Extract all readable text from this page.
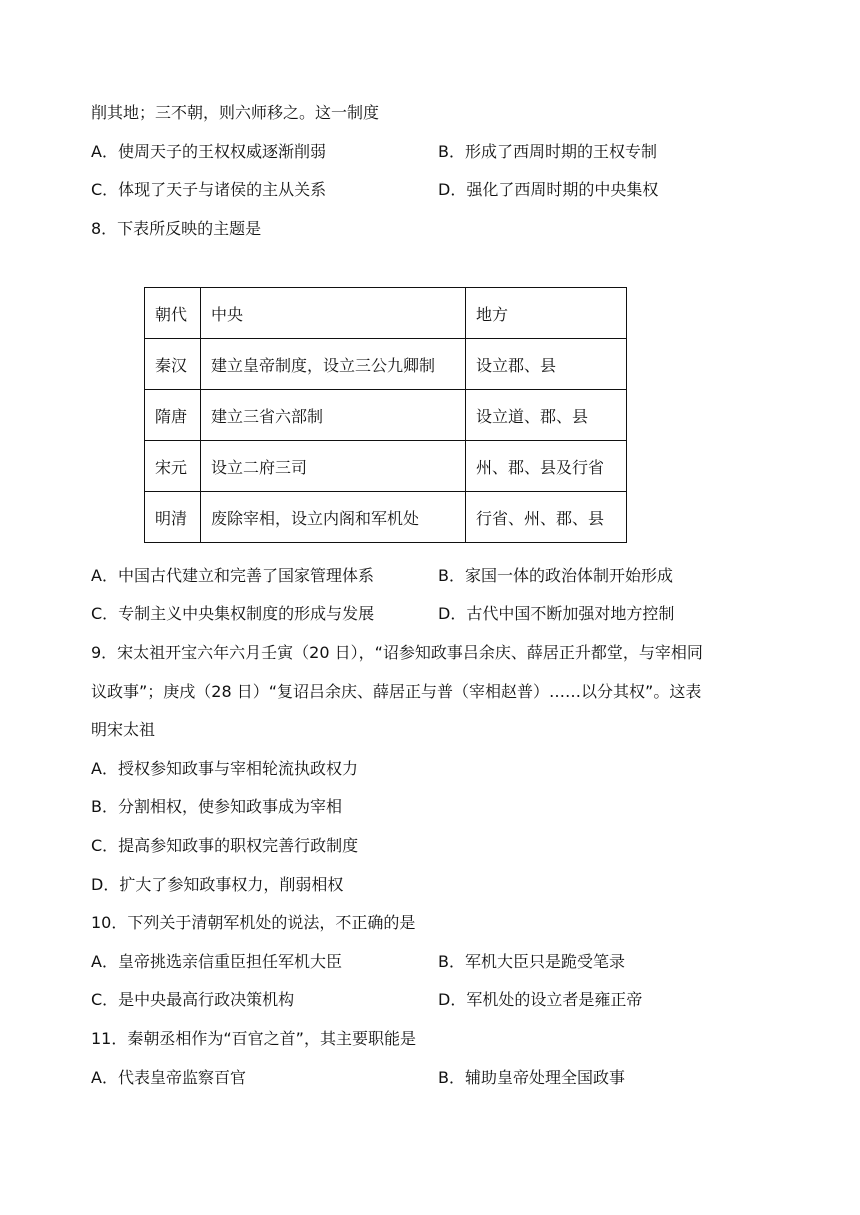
削其地；三不朝，则六师移之。这一制度
A．使周天子的王权权威逐渐削弱	B．形成了西周时期的王权专制
C．体现了天子与诸侯的主从关系	D．强化了西周时期的中央集权
8．下表所反映的主题是
朝代	中央	地方
秦汉	建立皇帝制度，设立三公九卿制	设立郡、县
隋唐	建立三省六部制	设立道、郡、县
宋元	设立二府三司	州、郡、县及行省
明清	废除宰相，设立内阁和军机处	行省、州、郡、县
A．中国古代建立和完善了国家管理体系	B．家国一体的政治体制开始形成
C．专制主义中央集权制度的形成与发展	D．古代中国不断加强对地方控制
9．宋太祖开宝六年六月壬寅（20 日），“诏参知政事吕余庆、薛居正升都堂，与宰相同
议政事”；庚戌（28 日）“复诏吕余庆、薛居正与普（宰相赵普）……以分其权”。这表
明宋太祖
A．授权参知政事与宰相轮流执政权力
B．分割相权，使参知政事成为宰相
C．提高参知政事的职权完善行政制度
D．扩大了参知政事权力，削弱相权
10．下列关于清朝军机处的说法，不正确的是
A．皇帝挑选亲信重臣担任军机大臣	B．军机大臣只是跪受笔录
C．是中央最高行政决策机构	D．军机处的设立者是雍正帝
11．秦朝丞相作为“百官之首”，其主要职能是
A．代表皇帝监察百官	B．辅助皇帝处理全国政事
